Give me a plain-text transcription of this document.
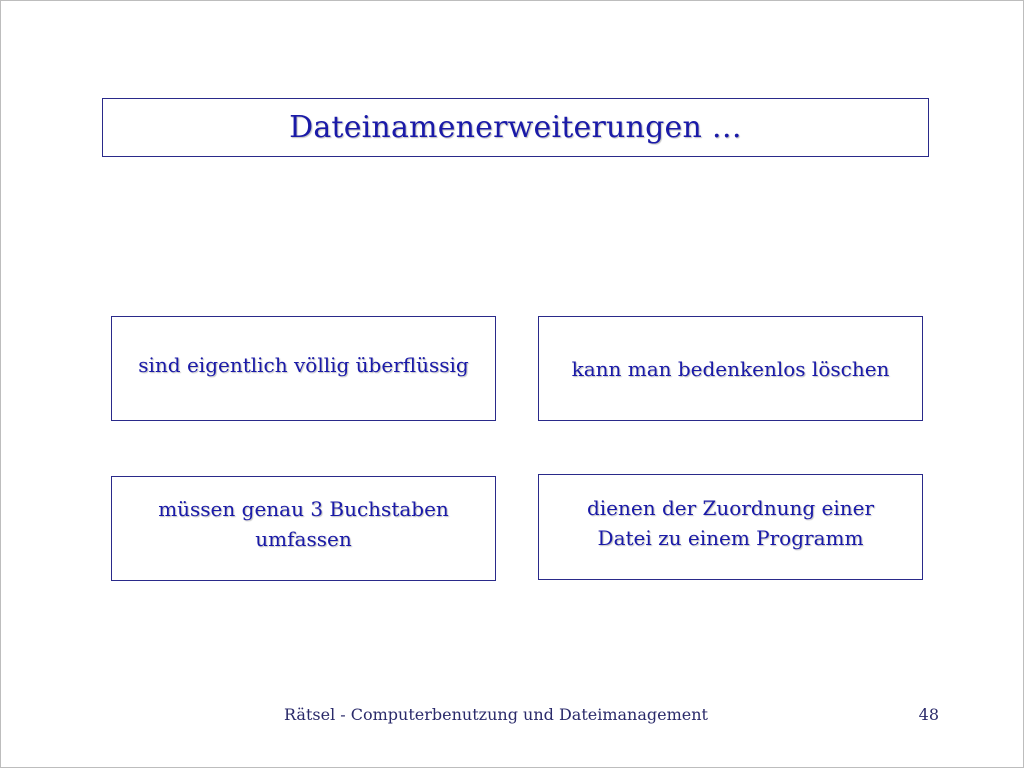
Dateinamenerweiterungen …
sind eigentlich völlig überflüssig	kann man bedenkenlos löschen
müssen genau 3 Buchstaben umfassen
dienen der Zuordnung einer Datei zu einem Programm
Rätsel - Computerbenutzung und Dateimanagement	48
